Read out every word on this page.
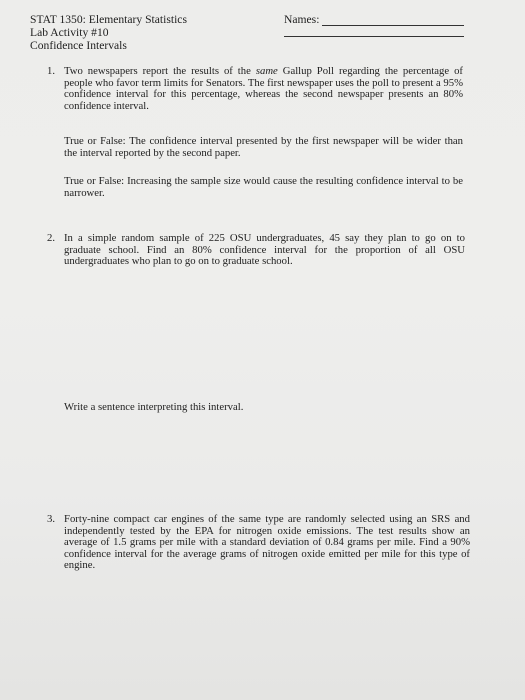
STAT 1350: Elementary Statistics
Lab Activity #10
Confidence Intervals
Names:
1. Two newspapers report the results of the same Gallup Poll regarding the percentage of people who favor term limits for Senators. The first newspaper uses the poll to present a 95% confidence interval for this percentage, whereas the second newspaper presents an 80% confidence interval.
True or False: The confidence interval presented by the first newspaper will be wider than the interval reported by the second paper.
True or False: Increasing the sample size would cause the resulting confidence interval to be narrower.
2. In a simple random sample of 225 OSU undergraduates, 45 say they plan to go on to graduate school. Find an 80% confidence interval for the proportion of all OSU undergraduates who plan to go on to graduate school.
Write a sentence interpreting this interval.
3. Forty-nine compact car engines of the same type are randomly selected using an SRS and independently tested by the EPA for nitrogen oxide emissions. The test results show an average of 1.5 grams per mile with a standard deviation of 0.84 grams per mile. Find a 90% confidence interval for the average grams of nitrogen oxide emitted per mile for this type of engine.
